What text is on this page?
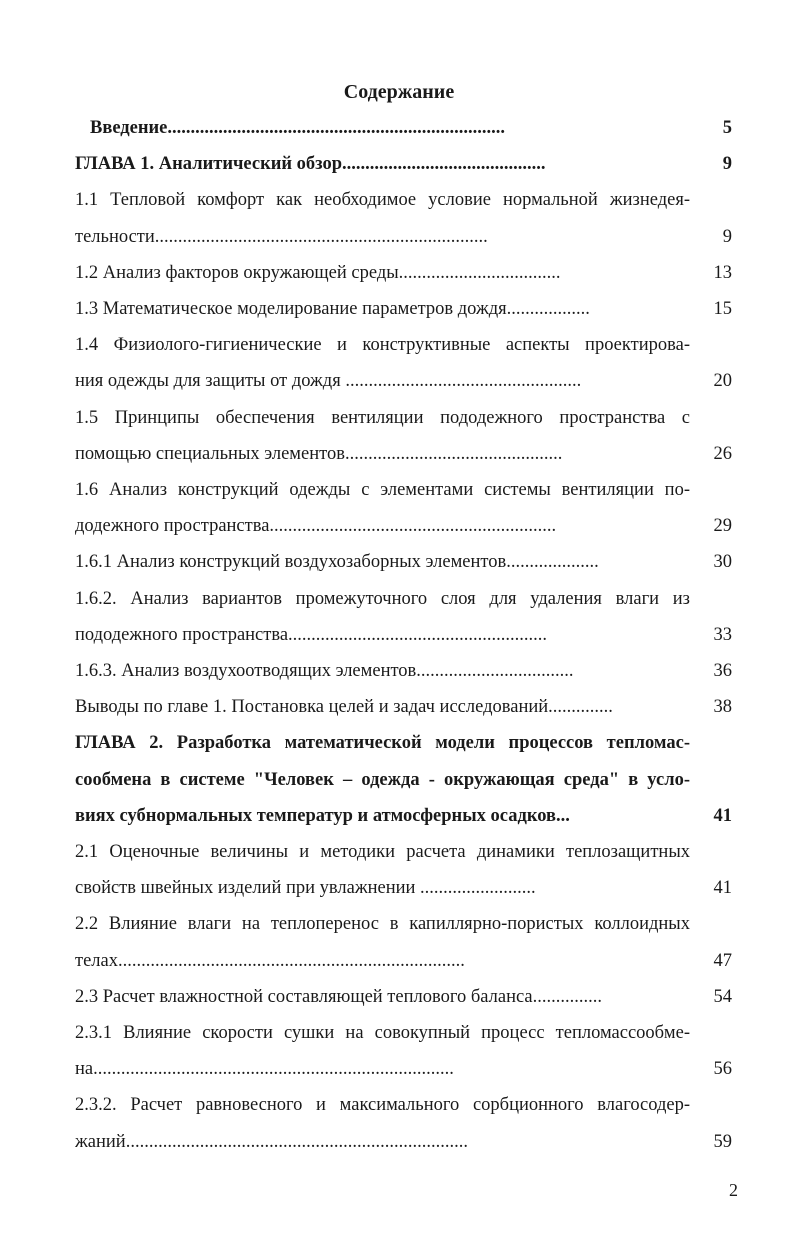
Содержание
Введение.........................................................................	5
ГЛАВА 1. Аналитический обзор............................................	9
1.1 Тепловой комфорт как необходимое условие нормальной жизнедея-
тельности........................................................................	9
1.2 Анализ факторов окружающей среды...................................	13
1.3 Математическое моделирование параметров дождя..................	15
1.4 Физиолого-гигиенические и конструктивные аспекты проектирова-
ния одежды для защиты от дождя ...................................................	20
1.5 Принципы обеспечения вентиляции пододежного пространства с
помощью специальных элементов...............................................	26
1.6 Анализ конструкций одежды с элементами системы вентиляции по-
додежного пространства..............................................................	29
1.6.1 Анализ конструкций воздухозаборных элементов....................	30
1.6.2. Анализ вариантов промежуточного слоя для удаления влаги из
пододежного пространства........................................................	33
1.6.3. Анализ воздухоотводящих элементов..................................	36
Выводы по главе 1. Постановка целей и задач исследований..............	38
ГЛАВА 2. Разработка математической модели процессов тепломас-
сообмена в системе "Человек – одежда - окружающая среда" в усло-
виях субнормальных температур и атмосферных осадков...	41
2.1 Оценочные величины и методики расчета динамики теплозащитных
свойств швейных изделий при увлажнении .........................	41
2.2 Влияние влаги на теплоперенос в капиллярно-пористых коллоидных
телах...........................................................................	47
2.3 Расчет влажностной составляющей теплового баланса...............	54
2.3.1 Влияние скорости сушки на совокупный процесс тепломассообме-
на..............................................................................	56
2.3.2. Расчет равновесного и максимального сорбционного влагосодер-
жаний..........................................................................	59
2
